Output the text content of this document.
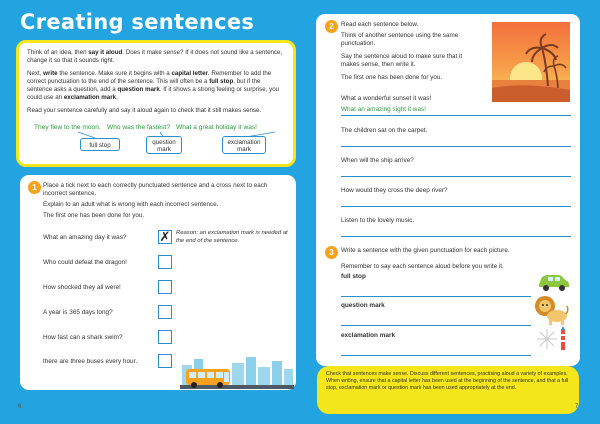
Creating sentences

Think of an idea, then say it aloud. Does it make sense? If it does not sound like a sentence, change it so that it sounds right.

Next, write the sentence. Make sure it begins with a capital letter. Remember to add the correct punctuation to the end of the sentence. This will often be a full stop, but if the sentence asks a question, add a question mark. If it shows a strong feeling or surprise, you could use an exclamation mark.

Read your sentence carefully and say it aloud again to check that it still makes sense.

They flew to the moon. Who was the fastest? What a great holiday it was!
full stop	question mark
exclamation mark
1 Place a tick next to each correctly punctuated sentence and a cross next to each incorrect sentence.
Explain to an adult what is wrong with each incorrect sentence.
The first one has been done for you.
What an amazing day it was?	✗ Reason: an exclamation mark is needed at the end of the sentence.
Who could defeat the dragon!
How shocked they all were!
A year is 365 days long?
How fast can a shark swim?
there are three buses every hour.
6
2	Read each sentence below.
Think of another sentence using the same punctuation.
Say the sentence aloud to make sure that it makes sense, then write it.
The first one has been done for you.
What a wonderful sunset it was!
What an amazing sight it was!
The children sat on the carpet.
When will the ship arrive?
How would they cross the deep river?
Listen to the lovely music.
3	Write a sentence with the given punctuation for each picture.
Remember to say each sentence aloud before you write it.
full stop
question mark
exclamation mark
Check that sentences make sense. Discuss different sentences, practising aloud a variety of examples. When writing, ensure that a capital letter has been used at the beginning of the sentence, and that a full stop, exclamation mark or question mark has been used appropriately at the end.
7
